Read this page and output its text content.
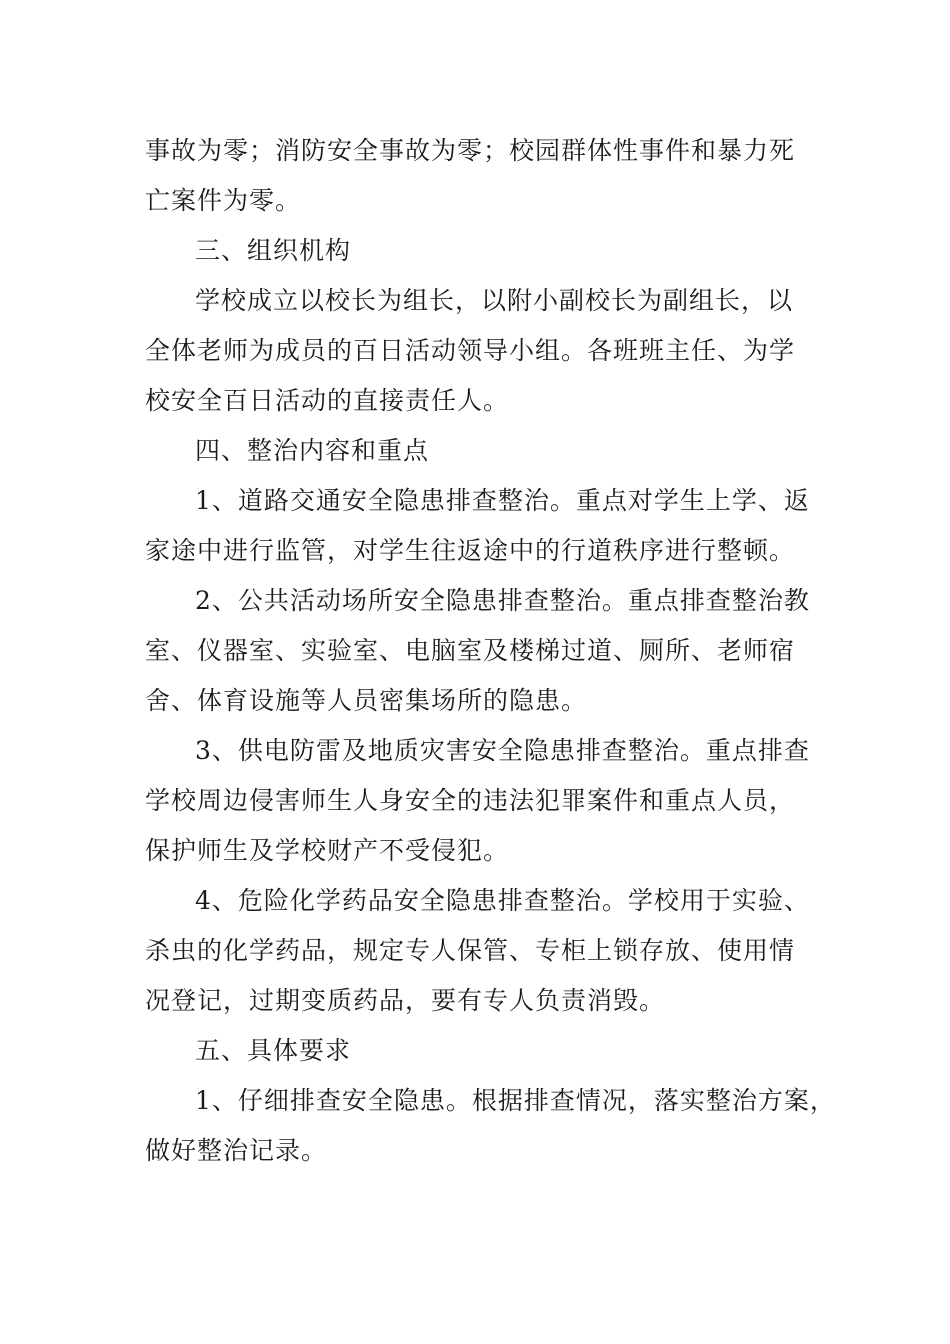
事故为零；消防安全事故为零；校园群体性事件和暴力死
亡案件为零。
三、组织机构
学校成立以校长为组长，以附小副校长为副组长，以
全体老师为成员的百日活动领导小组。各班班主任、为学
校安全百日活动的直接责任人。
四、整治内容和重点
1、道路交通安全隐患排查整治。重点对学生上学、返
家途中进行监管，对学生往返途中的行道秩序进行整顿。
2、公共活动场所安全隐患排查整治。重点排查整治教
室、仪器室、实验室、电脑室及楼梯过道、厕所、老师宿
舍、体育设施等人员密集场所的隐患。
3、供电防雷及地质灾害安全隐患排查整治。重点排查
学校周边侵害师生人身安全的违法犯罪案件和重点人员，
保护师生及学校财产不受侵犯。
4、危险化学药品安全隐患排查整治。学校用于实验、
杀虫的化学药品，规定专人保管、专柜上锁存放、使用情
况登记，过期变质药品，要有专人负责消毁。
五、具体要求
1、仔细排查安全隐患。根据排查情况，落实整治方案，
做好整治记录。
